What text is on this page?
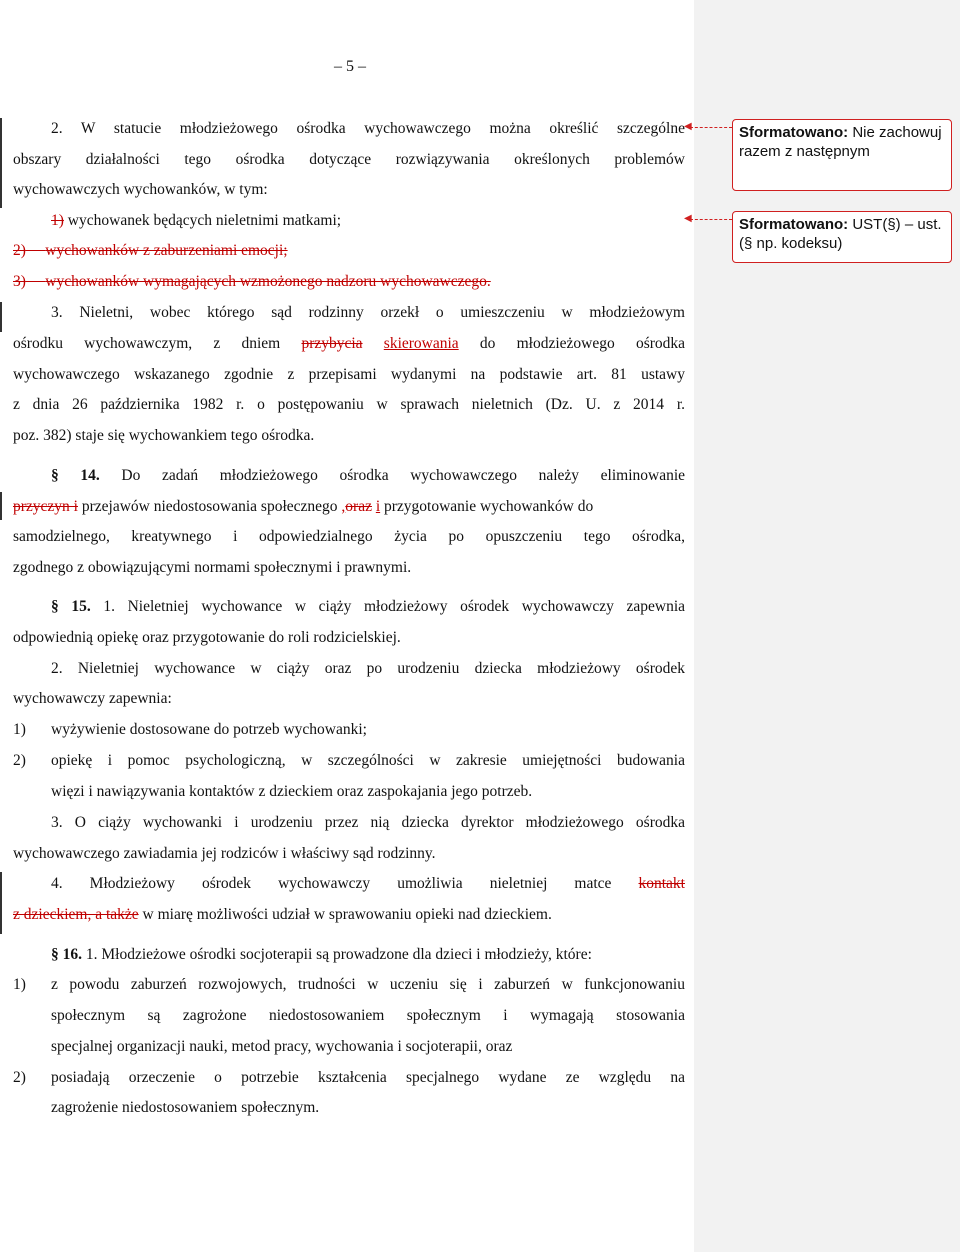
– 5 –
2. W statucie młodzieżowego ośrodka wychowawczego można określić szczególne
obszary działalności tego ośrodka dotyczące rozwiązywania określonych problemów
wychowawczych wychowanków, w tym:
1) wychowanek będących nieletnimi matkami;
2) wychowanków z zaburzeniami emocji;
3) wychowanków wymagających wzmożonego nadzoru wychowawczego.
3. Nieletni, wobec którego sąd rodzinny orzekł o umieszczeniu w młodzieżowym
ośrodku wychowawczym, z dniem przybycia skierowania do młodzieżowego ośrodka
wychowawczego wskazanego zgodnie z przepisami wydanymi na podstawie art. 81 ustawy
z dnia 26 października 1982 r. o postępowaniu w sprawach nieletnich (Dz. U. z 2014 r.
poz. 382) staje się wychowankiem tego ośrodka.
§ 14. Do zadań młodzieżowego ośrodka wychowawczego należy eliminowanie
przyczyn i przejawów niedostosowania społecznego ,oraz i przygotowanie wychowanków do
samodzielnego, kreatywnego i odpowiedzialnego życia po opuszczeniu tego ośrodka,
zgodnego z obowiązującymi normami społecznymi i prawnymi.
§ 15. 1. Nieletniej wychowance w ciąży młodzieżowy ośrodek wychowawczy zapewnia
odpowiednią opiekę oraz przygotowanie do roli rodzicielskiej.
2. Nieletniej wychowance w ciąży oraz po urodzeniu dziecka młodzieżowy ośrodek
wychowawczy zapewnia:
1) wyżywienie dostosowane do potrzeb wychowanki;
2) opiekę i pomoc psychologiczną, w szczególności w zakresie umiejętności budowania
więzi i nawiązywania kontaktów z dzieckiem oraz zaspokajania jego potrzeb.
3. O ciąży wychowanki i urodzeniu przez nią dziecka dyrektor młodzieżowego ośrodka
wychowawczego zawiadamia jej rodziców i właściwy sąd rodzinny.
4. Młodzieżowy ośrodek wychowawczy umożliwia nieletniej matce kontakt
z dzieckiem, a także w miarę możliwości udział w sprawowaniu opieki nad dzieckiem.
§ 16. 1. Młodzieżowe ośrodki socjoterapii są prowadzone dla dzieci i młodzieży, które:
1) z powodu zaburzeń rozwojowych, trudności w uczeniu się i zaburzeń w funkcjonowaniu
społecznym są zagrożone niedostosowaniem społecznym i wymagają stosowania
specjalnej organizacji nauki, metod pracy, wychowania i socjoterapii, oraz
2) posiadają orzeczenie o potrzebie kształcenia specjalnego wydane ze względu na
zagrożenie niedostosowaniem społecznym.
◀
◀
Sformatowano: Nie zachowuj razem z następnym
Sformatowano: UST(§) – ust. (§ np. kodeksu)
